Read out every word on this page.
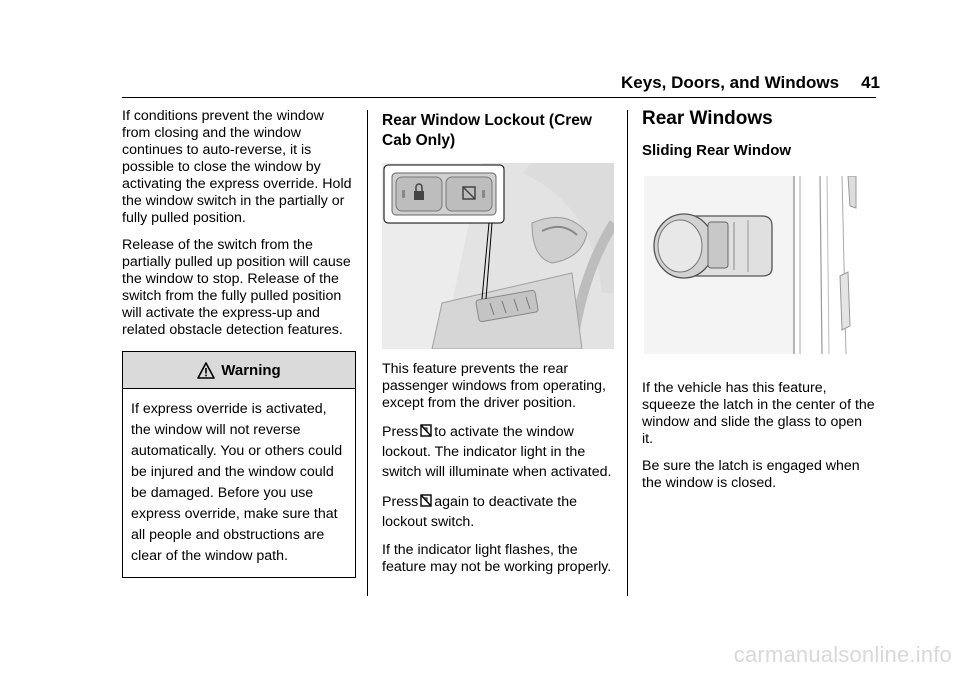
Keys, Doors, and Windows 41

If conditions prevent the window from closing and the window continues to auto-reverse, it is possible to close the window by activating the express override. Hold the window switch in the partially or fully pulled position.

Release of the switch from the partially pulled up position will cause the window to stop. Release of the switch from the fully pulled position will activate the express-up and related obstacle detection features.

Warning
If express override is activated, the window will not reverse automatically. You or others could be injured and the window could be damaged. Before you use express override, make sure that all people and obstructions are clear of the window path.
Rear Window Lockout (Crew Cab Only)

This feature prevents the rear passenger windows from operating, except from the driver position.

Press to activate the window lockout. The indicator light in the switch will illuminate when activated.

Press again to deactivate the lockout switch.

If the indicator light flashes, the feature may not be working properly.

Rear Windows
Sliding Rear Window

If the vehicle has this feature, squeeze the latch in the center of the window and slide the glass to open it.

Be sure the latch is engaged when the window is closed.

carmanualsonline.info
